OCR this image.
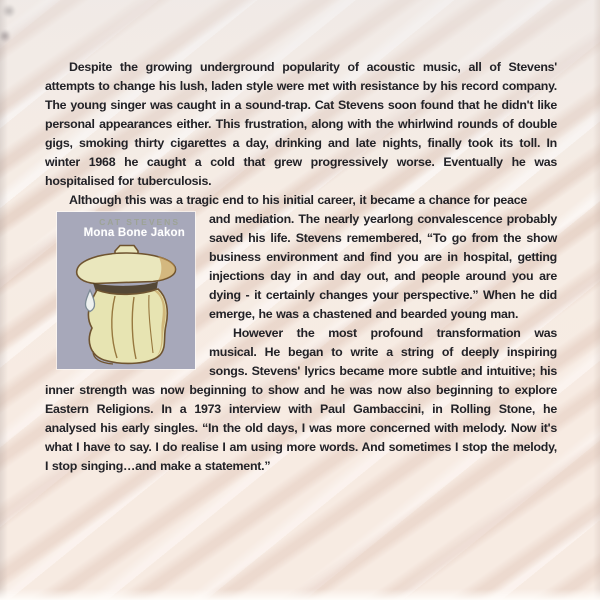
Despite the growing underground popularity of acoustic music, all of Stevens' attempts to change his lush, laden style were met with resistance by his record company. The young singer was caught in a sound-trap. Cat Stevens soon found that he didn't like personal appearances either. This frustration, along with the whirlwind rounds of double gigs, smoking thirty cigarettes a day, drinking and late nights, finally took its toll. In winter 1968 he caught a cold that grew progressively worse. Eventually he was hospitalised for tuberculosis.

Although this was a tragic end to his initial career, it became a chance for peace

CAT STEVENS
Mona Bone Jakon

and mediation. The nearly yearlong convalescence probably saved his life. Stevens remembered, “To go from the show business environment and find you are in hospital, getting injections day in and day out, and people around you are dying - it certainly changes your perspective.” When he did emerge, he was a chastened and bearded young man.

However the most profound transformation was musical. He began to write a string of deeply inspiring songs. Stevens' lyrics became more subtle and intuitive; his inner strength was now beginning to show and he was now also beginning to explore Eastern Religions. In a 1973 interview with Paul Gambaccini, in Rolling Stone, he analysed his early singles. “In the old days, I was more concerned with melody. Now it's what I have to say. I do realise I am using more words. And sometimes I stop the melody, I stop singing…and make a statement.”
